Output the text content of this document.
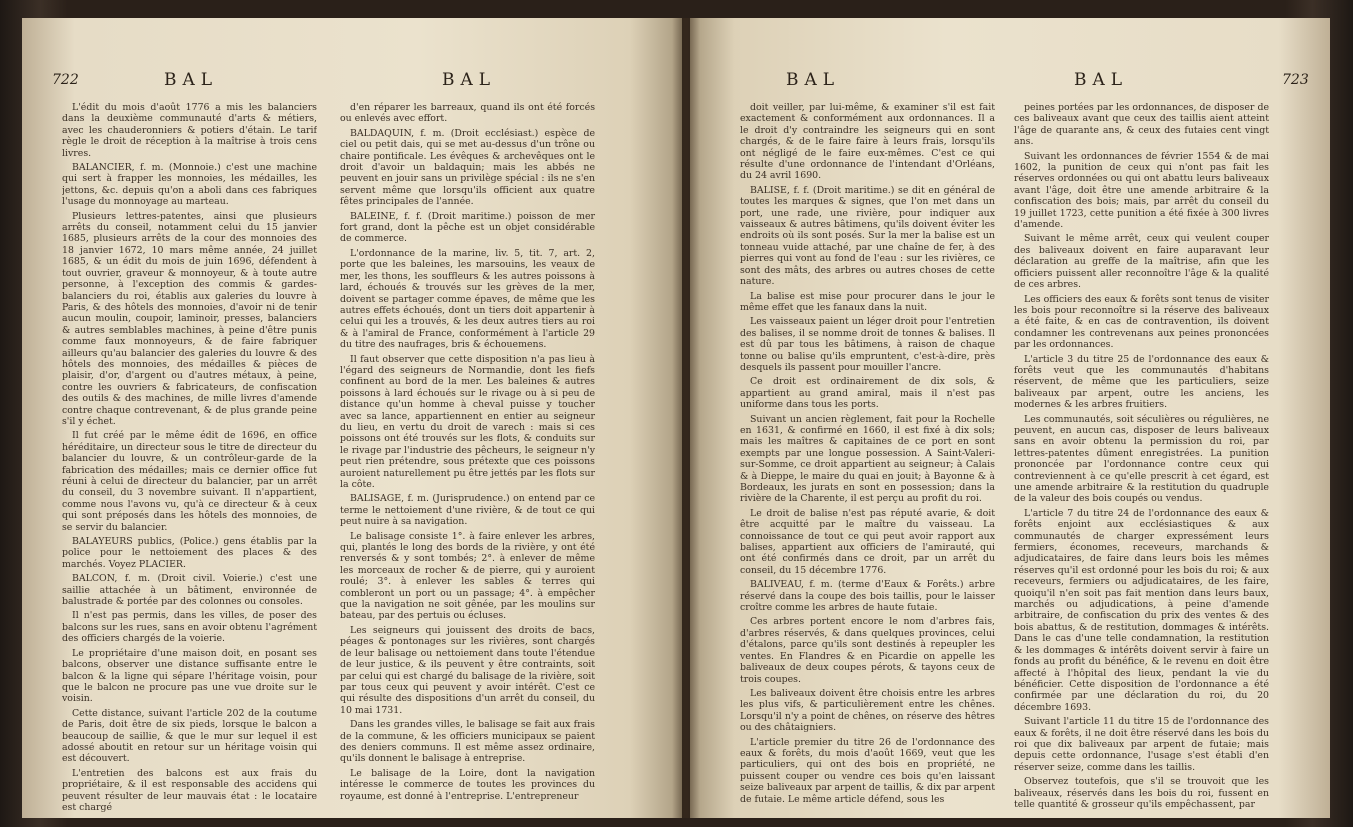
722	BAL	BAL

L'édit du mois d'août 1776 a mis les balanciers dans la deuxième communauté d'arts & métiers, avec les chauderonniers & potiers d'étain. Le tarif règle le droit de réception à la maîtrise à trois cens livres.

BALANCIER, f. m. (Monnoie.) c'est une machine qui sert à frapper les monnoies, les médailles, les jettons, &c. depuis qu'on a aboli dans ces fabriques l'usage du monnoyage au marteau.

Plusieurs lettres-patentes, ainsi que plusieurs arrêts du conseil, notamment celui du 15 janvier 1685, plusieurs arrêts de la cour des monnoies des 18 janvier 1672, 10 mars même année, 24 juillet 1685, & un édit du mois de juin 1696, défendent à tout ouvrier, graveur & monnoyeur, & à toute autre personne, à l'exception des commis & gardes-balanciers du roi, établis aux galeries du louvre à Paris, & des hôtels des monnoies, d'avoir ni de tenir aucun moulin, coupoir, laminoir, presses, balanciers & autres semblables machines, à peine d'être punis comme faux monnoyeurs, & de faire fabriquer ailleurs qu'au balancier des galeries du louvre & des hôtels des monnoies, des médailles & pièces de plaisir, d'or, d'argent ou d'autres métaux, à peine, contre les ouvriers & fabricateurs, de confiscation des outils & des machines, de mille livres d'amende contre chaque contrevenant, & de plus grande peine s'il y échet.

Il fut créé par le même édit de 1696, en office héréditaire, un directeur sous le titre de directeur du balancier du louvre, & un contrôleur-garde de la fabrication des médailles; mais ce dernier office fut réuni à celui de directeur du balancier, par un arrêt du conseil, du 3 novembre suivant. Il n'appartient, comme nous l'avons vu, qu'à ce directeur & à ceux qui sont préposés dans les hôtels des monnoies, de se servir du balancier.

BALAYEURS publics, (Police.) gens établis par la police pour le nettoiement des places & des marchés. Voyez PLACIER.

BALCON, f. m. (Droit civil. Voierie.) c'est une saillie attachée à un bâtiment, environnée de balustrade & portée par des colonnes ou consoles.

Il n'est pas permis, dans les villes, de poser des balcons sur les rues, sans en avoir obtenu l'agrément des officiers chargés de la voierie.

Le propriétaire d'une maison doit, en posant ses balcons, observer une distance suffisante entre le balcon & la ligne qui sépare l'héritage voisin, pour que le balcon ne procure pas une vue droite sur le voisin.

Cette distance, suivant l'article 202 de la coutume de Paris, doit être de six pieds, lorsque le balcon a beaucoup de saillie, & que le mur sur lequel il est adossé aboutit en retour sur un héritage voisin qui est découvert.

L'entretien des balcons est aux frais du propriétaire, & il est responsable des accidens qui peuvent résulter de leur mauvais état : le locataire est chargé

d'en réparer les barreaux, quand ils ont été forcés ou enlevés avec effort.

BALDAQUIN, f. m. (Droit ecclésiast.) espèce de ciel ou petit dais, qui se met au-dessus d'un trône ou chaire pontificale. Les évêques & archevêques ont le droit d'avoir un baldaquin; mais les abbés ne peuvent en jouir sans un privilège spécial : ils ne s'en servent même que lorsqu'ils officient aux quatre fêtes principales de l'année.

BALEINE, f. f. (Droit maritime.) poisson de mer fort grand, dont la pêche est un objet considérable de commerce.

L'ordonnance de la marine, liv. 5, tit. 7, art. 2, porte que les baleines, les marsouins, les veaux de mer, les thons, les souffleurs & les autres poissons à lard, échoués & trouvés sur les grèves de la mer, doivent se partager comme épaves, de même que les autres effets échoués, dont un tiers doit appartenir à celui qui les a trouvés, & les deux autres tiers au roi & à l'amiral de France, conformément à l'article 29 du titre des naufrages, bris & échouemens.

Il faut observer que cette disposition n'a pas lieu à l'égard des seigneurs de Normandie, dont les fiefs confinent au bord de la mer. Les baleines & autres poissons à lard échoués sur le rivage ou à si peu de distance qu'un homme à cheval puisse y toucher avec sa lance, appartiennent en entier au seigneur du lieu, en vertu du droit de varech : mais si ces poissons ont été trouvés sur les flots, & conduits sur le rivage par l'industrie des pêcheurs, le seigneur n'y peut rien prétendre, sous prétexte que ces poissons auroient naturellement pu être jettés par les flots sur la côte.

BALISAGE, f. m. (Jurisprudence.) on entend par ce terme le nettoiement d'une rivière, & de tout ce qui peut nuire à sa navigation.

Le balisage consiste 1°. à faire enlever les arbres, qui, plantés le long des bords de la rivière, y ont été renversés & y sont tombés; 2°. à enlever de même les morceaux de rocher & de pierre, qui y auroient roulé; 3°. à enlever les sables & terres qui combleront un port ou un passage; 4°. à empêcher que la navigation ne soit gênée, par les moulins sur bateau, par des pertuis ou écluses.

Les seigneurs qui jouissent des droits de bacs, péages & pontonages sur les rivières, sont chargés de leur balisage ou nettoiement dans toute l'étendue de leur justice, & ils peuvent y être contraints, soit par celui qui est chargé du balisage de la rivière, soit par tous ceux qui peuvent y avoir intérêt. C'est ce qui résulte des dispositions d'un arrêt du conseil, du 10 mai 1731.

Dans les grandes villes, le balisage se fait aux frais de la commune, & les officiers municipaux se paient des deniers communs. Il est même assez ordinaire, qu'ils donnent le balisage à entreprise.

Le balisage de la Loire, dont la navigation intéresse le commerce de toutes les provinces du royaume, est donné à l'entreprise. L'entrepreneur

BAL	BAL	723

doit veiller, par lui-même, & examiner s'il est fait exactement & conformément aux ordonnances. Il a le droit d'y contraindre les seigneurs qui en sont chargés, & de le faire faire à leurs frais, lorsqu'ils ont négligé de le faire eux-mêmes. C'est ce qui résulte d'une ordonnance de l'intendant d'Orléans, du 24 avril 1690.

BALISE, f. f. (Droit maritime.) se dit en général de toutes les marques & signes, que l'on met dans un port, une rade, une rivière, pour indiquer aux vaisseaux & autres bâtimens, qu'ils doivent éviter les endroits où ils sont posés. Sur la mer la balise est un tonneau vuide attaché, par une chaîne de fer, à des pierres qui vont au fond de l'eau : sur les rivières, ce sont des mâts, des arbres ou autres choses de cette nature.

La balise est mise pour procurer dans le jour le même effet que les fanaux dans la nuit.

Les vaisseaux paient un léger droit pour l'entretien des balises, il se nomme droit de tonnes & balises. Il est dû par tous les bâtimens, à raison de chaque tonne ou balise qu'ils empruntent, c'est-à-dire, près desquels ils passent pour mouiller l'ancre.

Ce droit est ordinairement de dix sols, & appartient au grand amiral, mais il n'est pas uniforme dans tous les ports.

Suivant un ancien règlement, fait pour la Rochelle en 1631, & confirmé en 1660, il est fixé à dix sols; mais les maîtres & capitaines de ce port en sont exempts par une longue possession. A Saint-Valeri-sur-Somme, ce droit appartient au seigneur; à Calais & à Dieppe, le maire du quai en jouit; à Bayonne & à Bordeaux, les jurats en sont en possession; dans la rivière de la Charente, il est perçu au profit du roi.

Le droit de balise n'est pas réputé avarie, & doit être acquitté par le maître du vaisseau. La connoissance de tout ce qui peut avoir rapport aux balises, appartient aux officiers de l'amirauté, qui ont été confirmés dans ce droit, par un arrêt du conseil, du 15 décembre 1776.

BALIVEAU, f. m. (terme d'Eaux & Forêts.) arbre réservé dans la coupe des bois taillis, pour le laisser croître comme les arbres de haute futaie.

Ces arbres portent encore le nom d'arbres fais, d'arbres réservés, & dans quelques provinces, celui d'étalons, parce qu'ils sont destinés à repeupler les ventes. En Flandres & en Picardie on appelle les baliveaux de deux coupes pérots, & tayons ceux de trois coupes.

Les baliveaux doivent être choisis entre les arbres les plus vifs, & particulièrement entre les chênes. Lorsqu'il n'y a point de chênes, on réserve des hêtres ou des châtaigniers.

L'article premier du titre 26 de l'ordonnance des eaux & forêts, du mois d'août 1669, veut que les particuliers, qui ont des bois en propriété, ne puissent couper ou vendre ces bois qu'en laissant seize baliveaux par arpent de taillis, & dix par arpent de futaie. Le même article défend, sous les

peines portées par les ordonnances, de disposer de ces baliveaux avant que ceux des taillis aient atteint l'âge de quarante ans, & ceux des futaies cent vingt ans.

Suivant les ordonnances de février 1554 & de mai 1602, la punition de ceux qui n'ont pas fait les réserves ordonnées ou qui ont abattu leurs baliveaux avant l'âge, doit être une amende arbitraire & la confiscation des bois; mais, par arrêt du conseil du 19 juillet 1723, cette punition a été fixée à 300 livres d'amende.

Suivant le même arrêt, ceux qui veulent couper des baliveaux doivent en faire auparavant leur déclaration au greffe de la maîtrise, afin que les officiers puissent aller reconnoître l'âge & la qualité de ces arbres.

Les officiers des eaux & forêts sont tenus de visiter les bois pour reconnoître si la réserve des baliveaux a été faite, & en cas de contravention, ils doivent condamner les contrevenans aux peines prononcées par les ordonnances.

L'article 3 du titre 25 de l'ordonnance des eaux & forêts veut que les communautés d'habitans réservent, de même que les particuliers, seize baliveaux par arpent, outre les anciens, les modernes & les arbres fruitiers.

Les communautés, soit séculières ou régulières, ne peuvent, en aucun cas, disposer de leurs baliveaux sans en avoir obtenu la permission du roi, par lettres-patentes dûment enregistrées. La punition prononcée par l'ordonnance contre ceux qui contreviennent à ce qu'elle prescrit à cet égard, est une amende arbitraire & la restitution du quadruple de la valeur des bois coupés ou vendus.

L'article 7 du titre 24 de l'ordonnance des eaux & forêts enjoint aux ecclésiastiques & aux communautés de charger expressément leurs fermiers, économes, receveurs, marchands & adjudicataires, de faire dans leurs bois les mêmes réserves qu'il est ordonné pour les bois du roi; & aux receveurs, fermiers ou adjudicataires, de les faire, quoiqu'il n'en soit pas fait mention dans leurs baux, marchés ou adjudications, à peine d'amende arbitraire, de confiscation du prix des ventes & des bois abattus, & de restitution, dommages & intérêts. Dans le cas d'une telle condamnation, la restitution & les dommages & intérêts doivent servir à faire un fonds au profit du bénéfice, & le revenu en doit être affecté à l'hôpital des lieux, pendant la vie du bénéficier. Cette disposition de l'ordonnance a été confirmée par une déclaration du roi, du 20 décembre 1693.

Suivant l'article 11 du titre 15 de l'ordonnance des eaux & forêts, il ne doit être réservé dans les bois du roi que dix baliveaux par arpent de futaie; mais depuis cette ordonnance, l'usage s'est établi d'en réserver seize, comme dans les taillis.

Observez toutefois, que s'il se trouvoit que les baliveaux, réservés dans les bois du roi, fussent en telle quantité & grosseur qu'ils empêchassent, par
